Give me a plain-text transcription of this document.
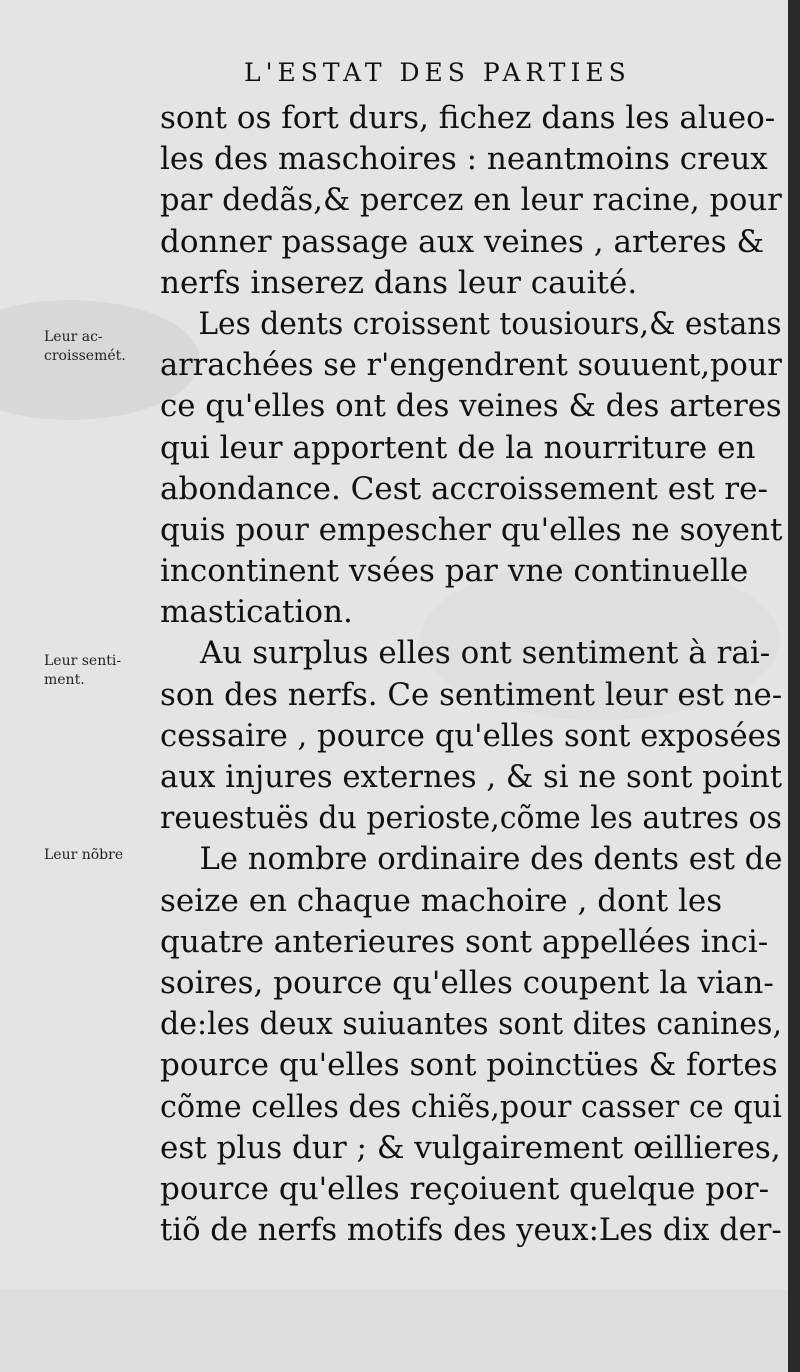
L'ESTAT DES PARTIES
Leur ac-
croissemét.
Leur senti-
ment.
Leur nõbre
sont os fort durs, fichez dans les alueo-
les des maschoires : neantmoins creux
par dedãs,& percez en leur racine, pour
donner passage aux veines , arteres &
nerfs inserez dans leur cauité.
Les dents croissent tousiours,& estans
arrachées se r'engendrent souuent,pour
ce qu'elles ont des veines & des arteres
qui leur apportent de la nourriture en
abondance. Cest accroissement est re-
quis pour empescher qu'elles ne soyent
incontinent vsées par vne continuelle
mastication.
Au surplus elles ont sentiment à rai-
son des nerfs. Ce sentiment leur est ne-
cessaire , pource qu'elles sont exposées
aux injures externes , & si ne sont point
reuestuës du perioste,cõme les autres os
Le nombre ordinaire des dents est de
seize en chaque machoire , dont les
quatre anterieures sont appellées inci-
soires, pource qu'elles coupent la vian-
de:les deux suiuantes sont dites canines,
pource qu'elles sont poinctües & fortes
cõme celles des chiẽs,pour casser ce qui
est plus dur ; & vulgairement œillieres,
pource qu'elles reçoiuent quelque por-
tiõ de nerfs motifs des yeux:Les dix der-
